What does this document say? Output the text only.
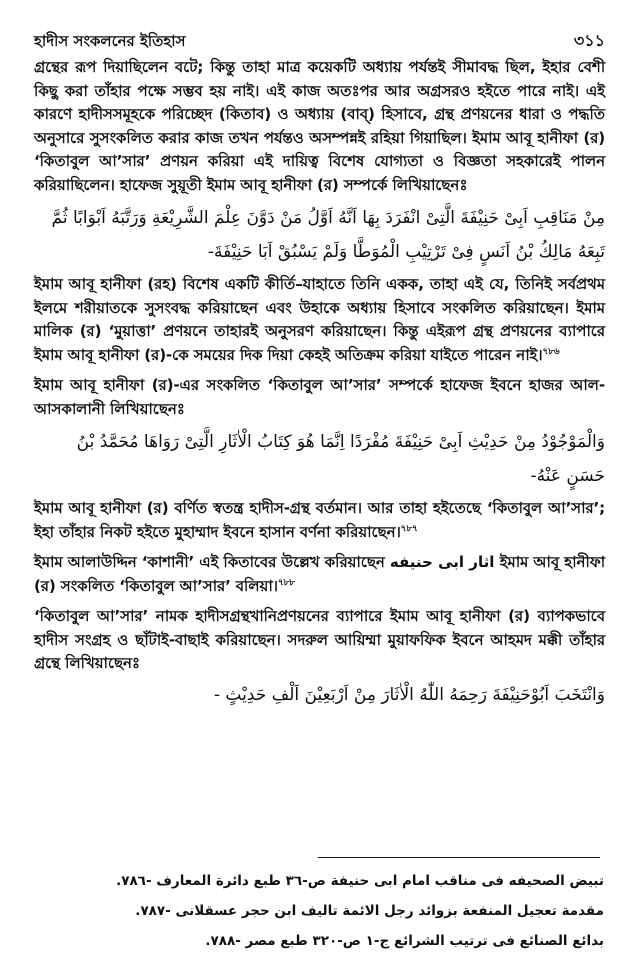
হাদীস সংকলনের ইতিহাস	৩১১

গ্রন্থের রূপ দিয়াছিলেন বটে; কিন্তু তাহা মাত্র কয়েকটি অধ্যায় পর্যন্তই সীমাবদ্ধ ছিল, ইহার বেশী কিছু করা তাঁহার পক্ষে সম্ভব হয় নাই। এই কাজ অতঃপর আর অগ্রসরও হইতে পারে নাই। এই কারণে হাদীসসমূহকে পরিচ্ছেদ (কিতাব) ও অধ্যায় (বাব্) হিসাবে, গ্রন্থ প্রণয়নের ধারা ও পদ্ধতি অনুসারে সুসংকলিত করার কাজ তখন পর্যন্তও অসম্পন্নই রহিয়া গিয়াছিল। ইমাম আবূ হানীফা (র) ‘কিতাবুল আ’সার’ প্রণয়ন করিয়া এই দায়িত্ব বিশেষ যোগ্যতা ও বিজ্ঞতা সহকারেই পালন করিয়াছিলেন। হাফেজ সুয়ূতী ইমাম আবূ হানীফা (র) সম্পর্কে লিখিয়াছেনঃ

مِنْ مَنَاقِبِ اَبِىْ حَنِيْفَةَ الَّتِىْ انْفَرَدَ بِهَا اَنَّهُ اَوَّلُ مَنْ دَوَّنَ عِلْمَ الشَّرِيْعَةِ وَرَتَّبَهُ اَبْوَابًا ثُمَّ تَبِعَهُ مَالِكُ بْنُ اَنَسٍ فِىْ تَرْتِيْبِ الْمُوَطَّا وَلَمْ يَسْبُقْ اَبَا حَنِيْفَةَ-

ইমাম আবূ হানীফা (রহ) বিশেষ একটি কীর্তি–যাহাতে তিনি একক, তাহা এই যে, তিনিই সর্বপ্রথম ইলমে শরীয়াতকে সুসংবদ্ধ করিয়াছেন এবং উহাকে অধ্যায় হিসাবে সংকলিত করিয়াছেন। ইমাম মালিক (র) ‘মুয়াত্তা’ প্রণয়নে তাহারই অনুসরণ করিয়াছেন। কিন্তু এইরূপ গ্রন্থ প্রণয়নের ব্যাপারে ইমাম আবূ হানীফা (র)-কে সময়ের দিক দিয়া কেহই অতিক্রম করিয়া যাইতে পারেন নাই।$^{৭৮৬}$

ইমাম আবূ হানীফা (র)-এর সংকলিত ‘কিতাবুল আ’সার’ সম্পর্কে হাফেজ ইবনে হাজর আল-আসকালানী লিখিয়াছেনঃ

وَالْمَوْجُوْدُ مِنْ حَدِيْثِ اَبِىْ حَنِيْفَةَ مُفْرَدًا اِنَّمَا هُوَ كِتَابُ الْاٰثَارِ الَّتِىْ رَوَاهَا مُحَمَّدُ بْنُ حَسَنٍ عَنْهُ-

ইমাম আবূ হানীফা (র) বর্ণিত স্বতন্ত্র হাদীস-গ্রন্থ বর্তমান। আর তাহা হইতেছে ‘কিতাবুল আ’সার’; ইহা তাঁহার নিকট হইতে মুহাম্মাদ ইবনে হাসান বর্ণনা করিয়াছেন।$^{৭৮৭}$

ইমাম আলাউদ্দিন ‘কাশানী’ এই কিতাবের উল্লেখ করিয়াছেন اثار ابى حنيفه ইমাম আবূ হানীফা (র) সংকলিত ‘কিতাবুল আ’সার’ বলিয়া।$^{৭৮৮}$

‘কিতাবুল আ’সার’ নামক হাদীসগ্রন্থখানিপ্রণয়নের ব্যাপারে ইমাম আবূ হানীফা (র) ব্যাপকভাবে হাদীস সংগ্রহ ও ছাঁটাই-বাছাই করিয়াছেন। সদরুল আয়িম্মা মুয়াফফিক ইবনে আহমদ মক্কী তাঁহার গ্রন্থে লিখিয়াছেনঃ

وَانْتَخَبَ اَبُوْحَنِيْفَةَ رَحِمَهُ اللّٰهُ الْاٰثَارَ مِنْ اَرْبَعِيْنَ اَلْفِ حَدِيْثٍ -

تبيض الصحيفه فى مناقب امام ابى حنيفة ص-٣٦ طبع دائرة المعارف -٧٨٦.
مقدمة تعجيل المنفعة بزوائد رجل الائمة تاليف ابن حجر عسقلانى -٧٨٧.
بدائع الصنائع فى ترتيب الشرائع ج-١ ص-٣٢٠ طبع مصر -٧٨٨.
